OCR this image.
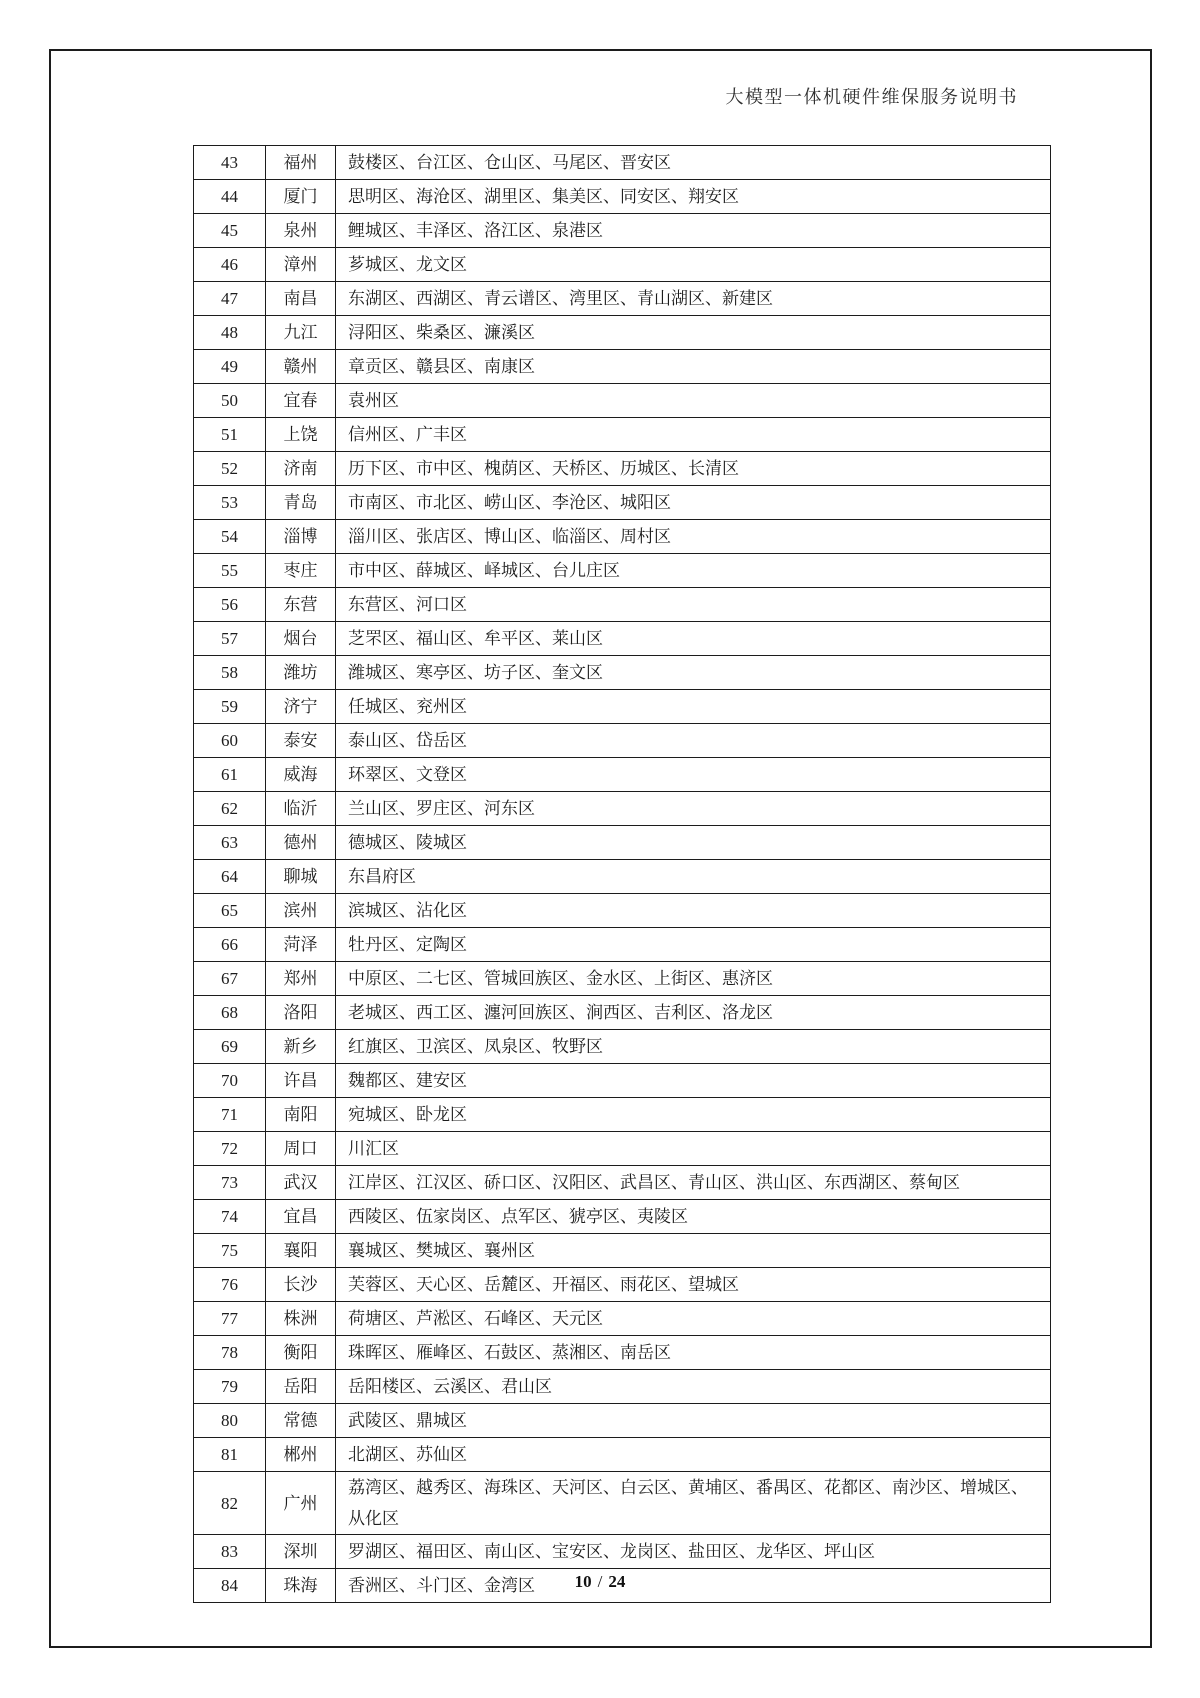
大模型一体机硬件维保服务说明书
43	福州	鼓楼区、台江区、仓山区、马尾区、晋安区
44	厦门	思明区、海沧区、湖里区、集美区、同安区、翔安区
45	泉州	鲤城区、丰泽区、洛江区、泉港区
46	漳州	芗城区、龙文区
47	南昌	东湖区、西湖区、青云谱区、湾里区、青山湖区、新建区
48	九江	浔阳区、柴桑区、濂溪区
49	赣州	章贡区、赣县区、南康区
50	宜春	袁州区
51	上饶	信州区、广丰区
52	济南	历下区、市中区、槐荫区、天桥区、历城区、长清区
53	青岛	市南区、市北区、崂山区、李沧区、城阳区
54	淄博	淄川区、张店区、博山区、临淄区、周村区
55	枣庄	市中区、薛城区、峄城区、台儿庄区
56	东营	东营区、河口区
57	烟台	芝罘区、福山区、牟平区、莱山区
58	潍坊	潍城区、寒亭区、坊子区、奎文区
59	济宁	任城区、兖州区
60	泰安	泰山区、岱岳区
61	威海	环翠区、文登区
62	临沂	兰山区、罗庄区、河东区
63	德州	德城区、陵城区
64	聊城	东昌府区
65	滨州	滨城区、沾化区
66	菏泽	牡丹区、定陶区
67	郑州	中原区、二七区、管城回族区、金水区、上街区、惠济区
68	洛阳	老城区、西工区、瀍河回族区、涧西区、吉利区、洛龙区
69	新乡	红旗区、卫滨区、凤泉区、牧野区
70	许昌	魏都区、建安区
71	南阳	宛城区、卧龙区
72	周口	川汇区
73	武汉	江岸区、江汉区、硚口区、汉阳区、武昌区、青山区、洪山区、东西湖区、蔡甸区
74	宜昌	西陵区、伍家岗区、点军区、猇亭区、夷陵区
75	襄阳	襄城区、樊城区、襄州区
76	长沙	芙蓉区、天心区、岳麓区、开福区、雨花区、望城区
77	株洲	荷塘区、芦淞区、石峰区、天元区
78	衡阳	珠晖区、雁峰区、石鼓区、蒸湘区、南岳区
79	岳阳	岳阳楼区、云溪区、君山区
80	常德	武陵区、鼎城区
81	郴州	北湖区、苏仙区
82	广州	荔湾区、越秀区、海珠区、天河区、白云区、黄埔区、番禺区、花都区、南沙区、增城区、从化区
83	深圳	罗湖区、福田区、南山区、宝安区、龙岗区、盐田区、龙华区、坪山区
84	珠海	香洲区、斗门区、金湾区	10 / 24
